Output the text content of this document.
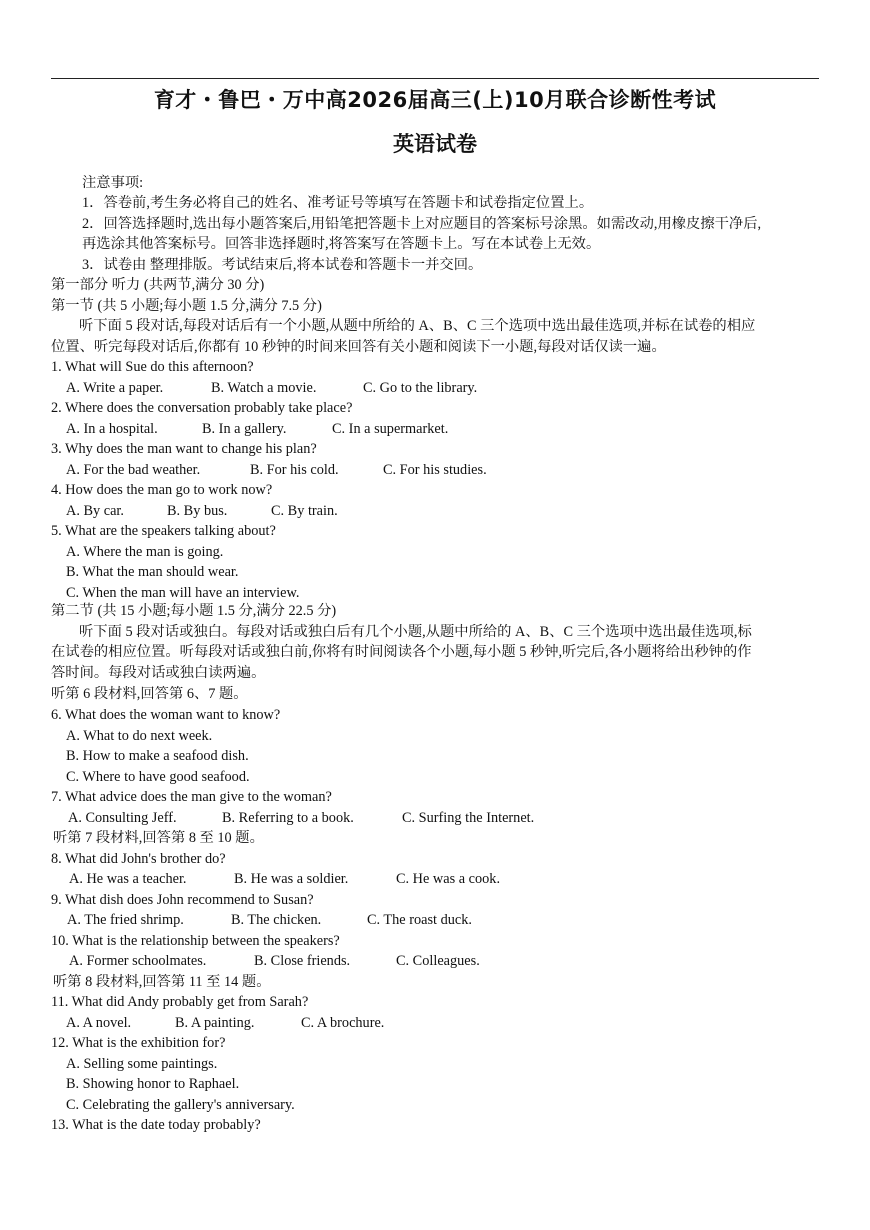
育才・鲁巴・万中高2026届高三(上)10月联合诊断性考试
英语试卷
注意事项:
1．答卷前,考生务必将自己的姓名、准考证号等填写在答题卡和试卷指定位置上。
2．回答选择题时,选出每小题答案后,用铅笔把答题卡上对应题目的答案标号涂黑。如需改动,用橡皮擦干净后,
再选涂其他答案标号。回答非选择题时,将答案写在答题卡上。写在本试卷上无效。
3．试卷由 整理排版。考试结束后,将本试卷和答题卡一并交回。
第一部分 听力 (共两节,满分 30 分)
第一节 (共 5 小题;每小题 1.5 分,满分 7.5 分)
听下面 5 段对话,每段对话后有一个小题,从题中所给的 A、B、C 三个选项中选出最佳选项,并标在试卷的相应
位置、听完每段对话后,你都有 10 秒钟的时间来回答有关小题和阅读下一小题,每段对话仅读一遍。
1. What will Sue do this afternoon?
A. Write a paper.	B. Watch a movie.	C. Go to the library.
2. Where does the conversation probably take place?
A. In a hospital.	B. In a gallery.	C. In a supermarket.
3. Why does the man want to change his plan?
A. For the bad weather.	B. For his cold.	C. For his studies.
4. How does the man go to work now?
A. By car.	B. By bus.	C. By train.
5. What are the speakers talking about?
A. Where the man is going.
B. What the man should wear.
C. When the man will have an interview.
第二节 (共 15 小题;每小题 1.5 分,满分 22.5 分)
听下面 5 段对话或独白。每段对话或独白后有几个小题,从题中所给的 A、B、C 三个选项中选出最佳选项,标
在试卷的相应位置。听每段对话或独白前,你将有时间阅读各个小题,每小题 5 秒钟,听完后,各小题将给出秒钟的作
答时间。每段对话或独白读两遍。
听第 6 段材料,回答第 6、7 题。
6. What does the woman want to know?
A. What to do next week.
B. How to make a seafood dish.
C. Where to have good seafood.
7. What advice does the man give to the woman?
A. Consulting Jeff.	B. Referring to a book.	C. Surfing the Internet.
听第 7 段材料,回答第 8 至 10 题。
8. What did John's brother do?
A. He was a teacher.	B. He was a soldier.	C. He was a cook.
9. What dish does John recommend to Susan?
A. The fried shrimp.	B. The chicken.	C. The roast duck.
10. What is the relationship between the speakers?
A. Former schoolmates.	B. Close friends.	C. Colleagues.
听第 8 段材料,回答第 11 至 14 题。
11. What did Andy probably get from Sarah?
A. A novel.	B. A painting.	C. A brochure.
12. What is the exhibition for?
A. Selling some paintings.
B. Showing honor to Raphael.
C. Celebrating the gallery's anniversary.
13. What is the date today probably?
